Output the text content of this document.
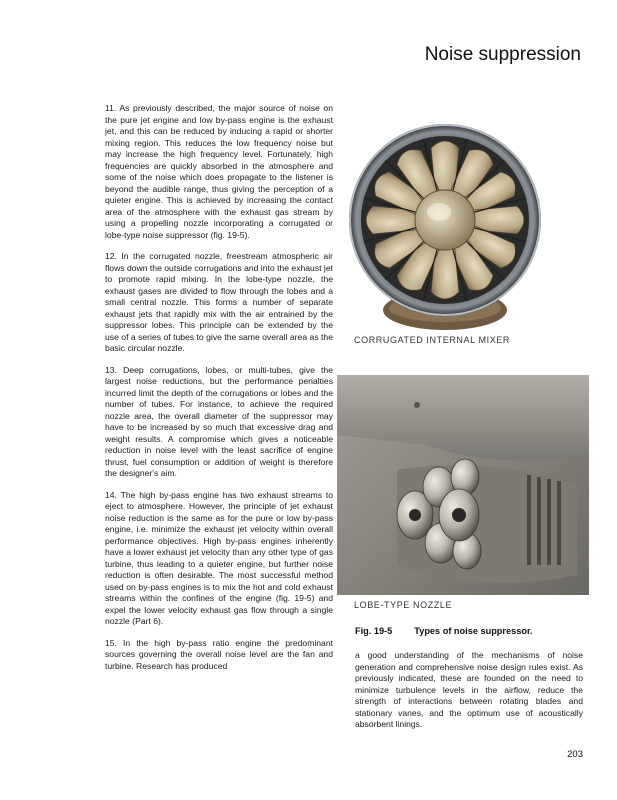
Noise suppression

11. As previously described, the major source of noise on the pure jet engine and low by-pass engine is the exhaust jet, and this can be reduced by inducing a rapid or shorter mixing region. This reduces the low frequency noise but may increase the high frequency level. Fortunately, high frequencies are quickly absorbed in the atmosphere and some of the noise which does propagate to the listener is beyond the audible range, thus giving the perception of a quieter engine. This is achieved by increasing the contact area of the atmosphere with the exhaust gas stream by using a propelling nozzle incorporating a corrugated or lobe-type noise suppressor (fig. 19-5).

12. In the corrugated nozzle, freestream atmospheric air flows down the outside corrugations and into the exhaust jet to promote rapid mixing. In the lobe-type nozzle, the exhaust gases are divided to flow through the lobes and a small central nozzle. This forms a number of separate exhaust jets that rapidly mix with the air entrained by the suppressor lobes. This principle can be extended by the use of a series of tubes to give the same overall area as the basic circular nozzle.

13. Deep corrugations, lobes, or multi-tubes, give the largest noise reductions, but the performance penalties incurred limit the depth of the corrugations or lobes and the number of tubes. For instance, to achieve the required nozzle area, the overall diameter of the suppressor may have to be increased by so much that excessive drag and weight results. A compromise which gives a noticeable reduction in noise level with the least sacrifice of engine thrust, fuel consumption or addition of weight is therefore the designer's aim.

14. The high by-pass engine has two exhaust streams to eject to atmosphere. However, the principle of jet exhaust noise reduction is the same as for the pure or low by-pass engine, i.e. minimize the exhaust jet velocity within overall performance objectives. High by-pass engines inherently have a lower exhaust jet velocity than any other type of gas turbine, thus leading to a quieter engine, but further noise reduction is often desirable. The most successful method used on by-pass engines is to mix the hot and cold exhaust streams within the confines of the engine (fig. 19-5) and expel the lower velocity exhaust gas flow through a single nozzle (Part 6).

15. In the high by-pass ratio engine the predominant sources governing the overall noise level are the fan and turbine. Research has produced

CORRUGATED INTERNAL MIXER
LOBE-TYPE NOZZLE
Fig. 19-5 Types of noise suppressor.

a good understanding of the mechanisms of noise generation and comprehensive noise design rules exist. As previously indicated, these are founded on the need to minimize turbulence levels in the airflow, reduce the strength of interactions between rotating blades and stationary vanes, and the optimum use of acoustically absorbent linings.

203
